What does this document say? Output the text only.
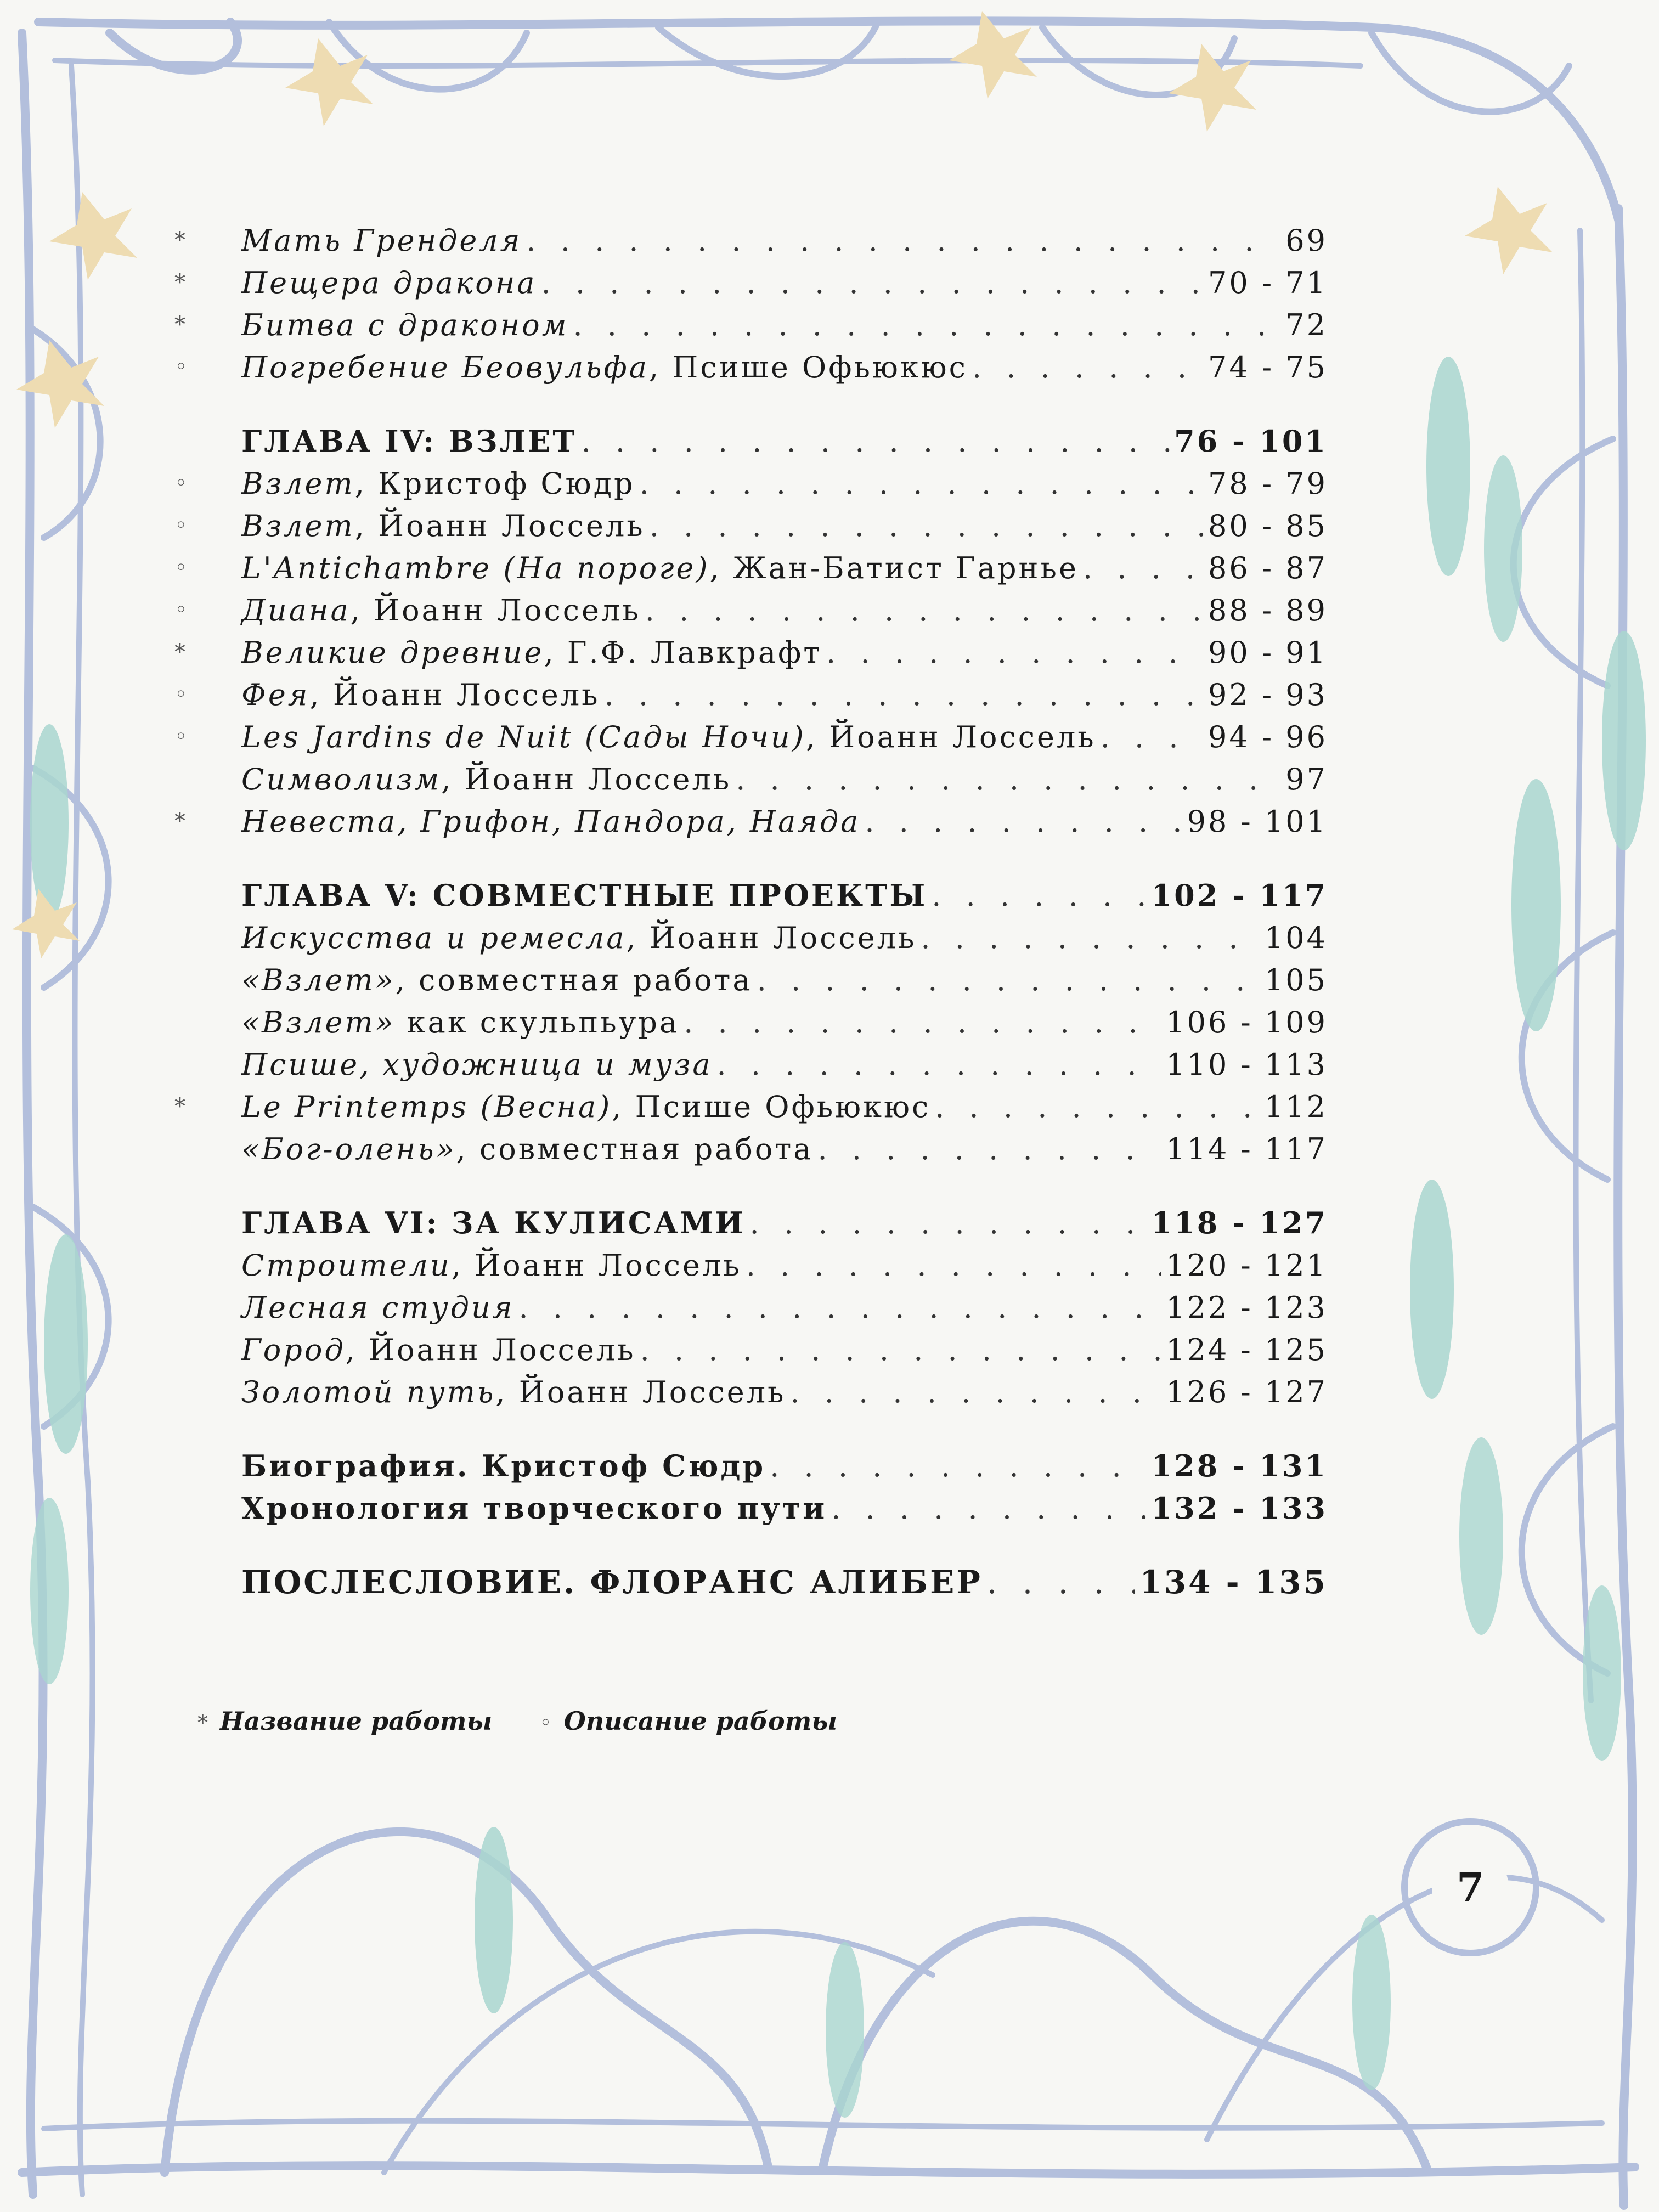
*	Мать Гренделя . . .	69
*	Пещера дракона . . .	70 - 71
*	Битва с драконом . . .	72
◦	Погребение Беовульфа, Псише Офьюкюс . . .	74 - 75
ГЛАВА IV: ВЗЛЕТ . . .	76 - 101
◦	Взлет, Кристоф Сюдр . . .	78 - 79
◦	Взлет, Йоанн Лоссель . . .	80 - 85
◦	L'Antichambre (На пороге), Жан-Батист Гарнье . . .	86 - 87
◦	Диана, Йоанн Лоссель . . .	88 - 89
*	Великие древние, Г.Ф. Лавкрафт . . .	90 - 91
◦	Фея, Йоанн Лоссель . . .	92 - 93
◦	Les Jardins de Nuit (Сады Ночи), Йоанн Лоссель . . .	94 - 96
Символизм, Йоанн Лоссель . . .	97
*	Невеста, Грифон, Пандора, Наяда . . .	98 - 101
ГЛАВА V: СОВМЕСТНЫЕ ПРОЕКТЫ . . .	102 - 117
Искусства и ремесла, Йоанн Лоссель . . .	104
«Взлет», совместная работа . . .	105
«Взлет» как скульпьура . . .	106 - 109
Псише, художница и муза . . .	110 - 113
*	Le Printemps (Весна), Псише Офьюкюс . . .	112
«Бог-олень», совместная работа . . .	114 - 117
ГЛАВА VI: ЗА КУЛИСАМИ . . .	118 - 127
Строители, Йоанн Лоссель . . .	120 - 121
Лесная студия . . .	122 - 123
Город, Йоанн Лоссель . . .	124 - 125
Золотой путь, Йоанн Лоссель . . .	126 - 127
Биография. Кристоф Сюдр . . .	128 - 131
Хронология творческого пути . . .	132 - 133
ПОСЛЕСЛОВИЕ. ФЛОРАНС АЛИБЕР . . .	134 - 135
* Название работы ◦ Описание работы
7
